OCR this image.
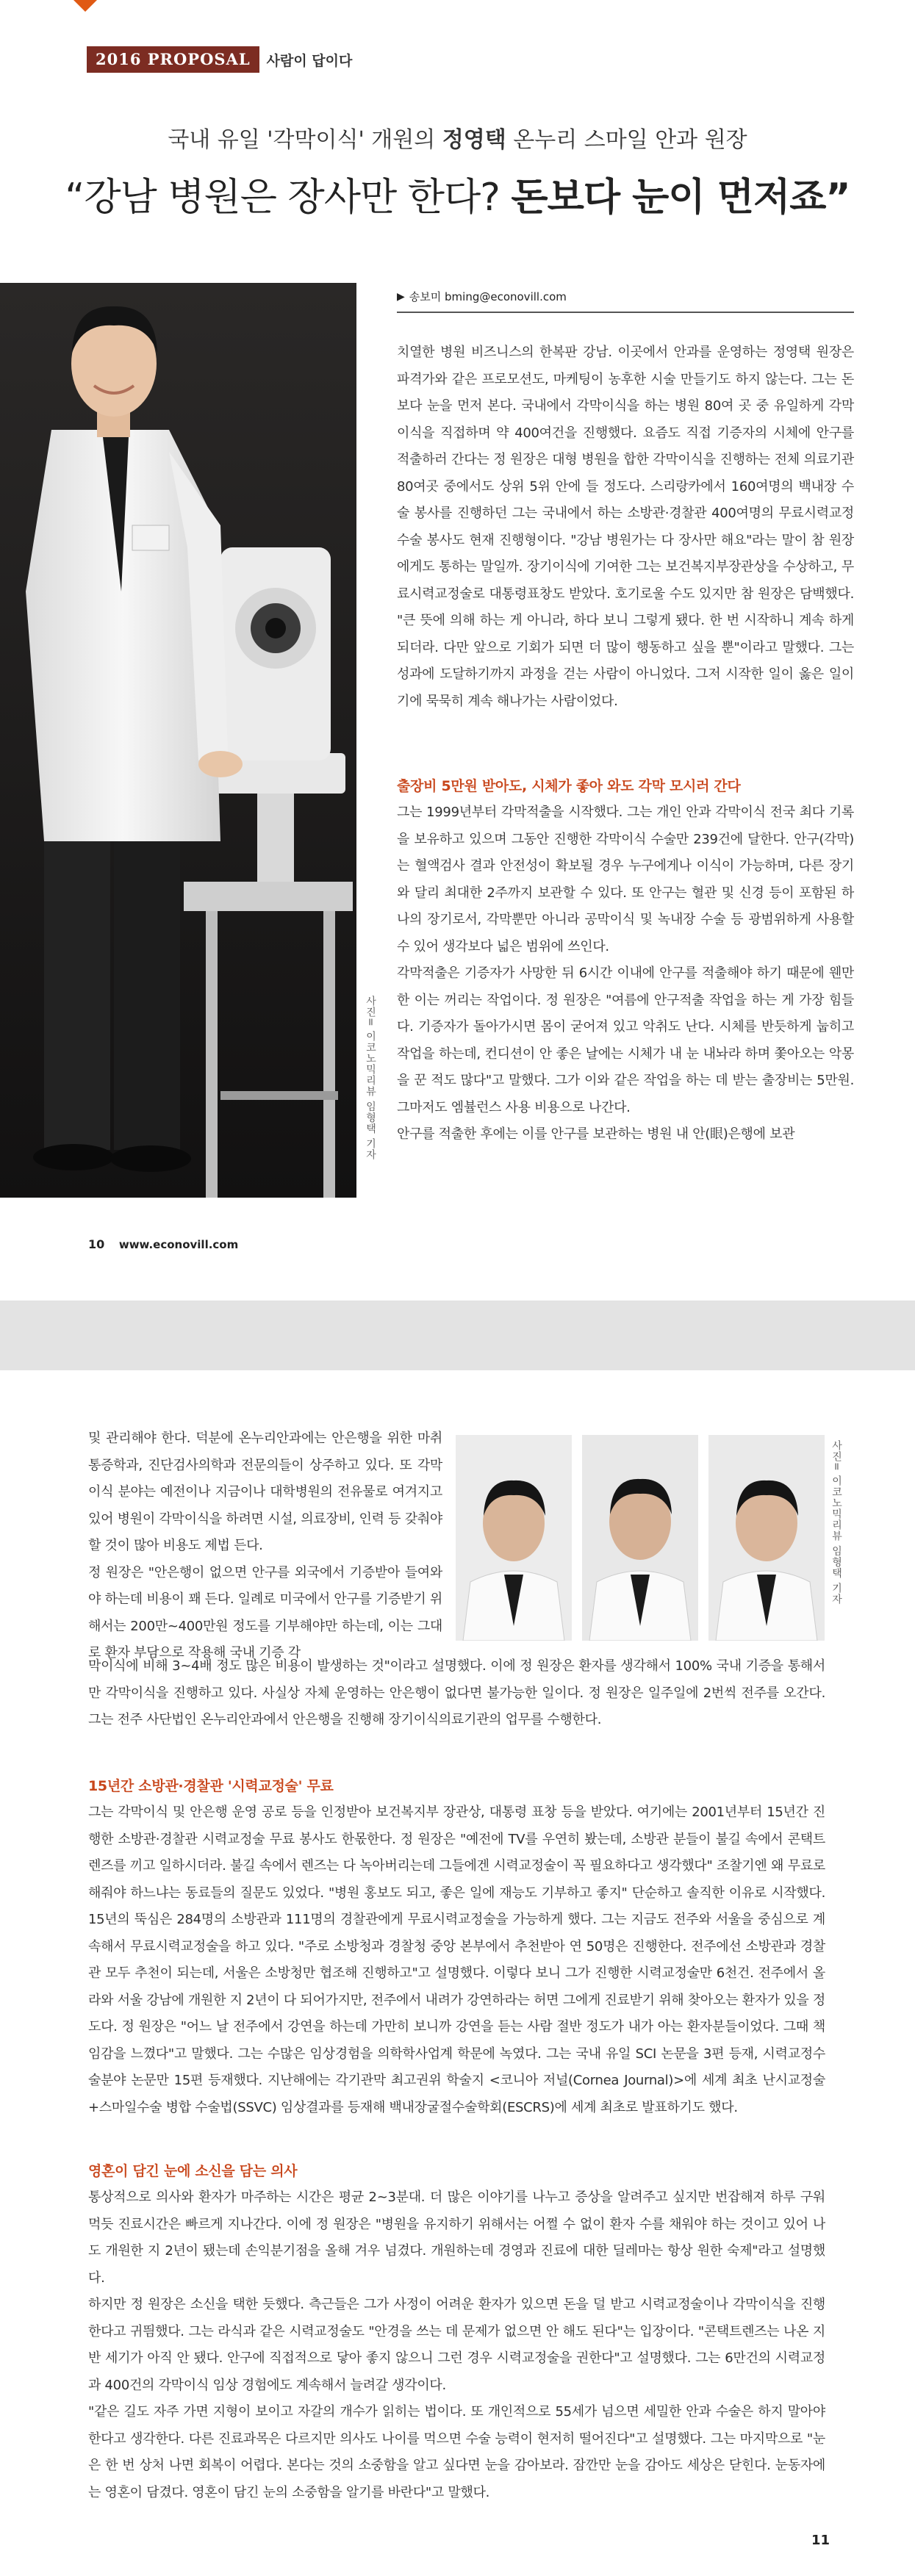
2016 PROPOSAL	사람이 답이다
국내 유일 '각막이식' 개원의 정영택 온누리 스마일 안과 원장
“강남 병원은 장사만 한다? 돈보다 눈이 먼저죠”
사진= 이코노믹리뷰 임형택 기자
▶ 송보미 bming@econovill.com

치열한 병원 비즈니스의 한복판 강남. 이곳에서 안과를 운영하는 정영택 원장은 파격가와 같은 프로모션도, 마케팅이 농후한 시술 만들기도 하지 않는다. 그는 돈보다 눈을 먼저 본다. 국내에서 각막이식을 하는 병원 80여 곳 중 유일하게 각막이식을 직접하며 약 400여건을 진행했다. 요즘도 직접 기증자의 시체에 안구를 적출하러 간다는 정 원장은 대형 병원을 합한 각막이식을 진행하는 전체 의료기관 80여곳 중에서도 상위 5위 안에 들 정도다. 스리랑카에서 160여명의 백내장 수술 봉사를 진행하던 그는 국내에서 하는 소방관·경찰관 400여명의 무료시력교정수술 봉사도 현재 진행형이다. "강남 병원가는 다 장사만 해요"라는 말이 참 원장에게도 통하는 말일까. 장기이식에 기여한 그는 보건복지부장관상을 수상하고, 무료시력교정술로 대통령표창도 받았다. 호기로울 수도 있지만 참 원장은 담백했다. "큰 뜻에 의해 하는 게 아니라, 하다 보니 그렇게 됐다. 한 번 시작하니 계속 하게 되더라. 다만 앞으로 기회가 되면 더 많이 행동하고 싶을 뿐"이라고 말했다. 그는 성과에 도달하기까지 과정을 걷는 사람이 아니었다. 그저 시작한 일이 옳은 일이기에 묵묵히 계속 해나가는 사람이었다.

출장비 5만원 받아도, 시체가 좋아 와도 각막 모시러 간다

그는 1999년부터 각막적출을 시작했다. 그는 개인 안과 각막이식 전국 최다 기록을 보유하고 있으며 그동안 진행한 각막이식 수술만 239건에 달한다. 안구(각막)는 혈액검사 결과 안전성이 확보될 경우 누구에게나 이식이 가능하며, 다른 장기와 달리 최대한 2주까지 보관할 수 있다. 또 안구는 혈관 및 신경 등이 포함된 하나의 장기로서, 각막뿐만 아니라 공막이식 및 녹내장 수술 등 광범위하게 사용할 수 있어 생각보다 넓은 범위에 쓰인다.

각막적출은 기증자가 사망한 뒤 6시간 이내에 안구를 적출해야 하기 때문에 웬만한 이는 꺼리는 작업이다. 정 원장은 "여름에 안구적출 작업을 하는 게 가장 힘들다. 기증자가 돌아가시면 몸이 굳어져 있고 악취도 난다. 시체를 반듯하게 눕히고 작업을 하는데, 컨디션이 안 좋은 날에는 시체가 내 눈 내놔라 하며 쫓아오는 악몽을 꾼 적도 많다"고 말했다. 그가 이와 같은 작업을 하는 데 받는 출장비는 5만원. 그마저도 엠뷸런스 사용 비용으로 나간다.

안구를 적출한 후에는 이를 안구를 보관하는 병원 내 안(眼)은행에 보관

10 www.econovill.com

및 관리해야 한다. 덕분에 온누리안과에는 안은행을 위한 마취통증학과, 진단검사의학과 전문의들이 상주하고 있다. 또 각막이식 분야는 예전이나 지금이나 대학병원의 전유물로 여겨지고 있어 병원이 각막이식을 하려면 시설, 의료장비, 인력 등 갖춰야 할 것이 많아 비용도 제법 든다.

정 원장은 "안은행이 없으면 안구를 외국에서 기증받아 들여와야 하는데 비용이 꽤 든다. 일례로 미국에서 안구를 기증받기 위해서는 200만~400만원 정도를 기부해야만 하는데, 이는 그대로 환자 부담으로 작용해 국내 기증 각

사진= 이코노믹리뷰 임형택 기자

막이식에 비해 3~4배 정도 많은 비용이 발생하는 것"이라고 설명했다. 이에 정 원장은 환자를 생각해서 100% 국내 기증을 통해서만 각막이식을 진행하고 있다. 사실상 자체 운영하는 안은행이 없다면 불가능한 일이다. 정 원장은 일주일에 2번씩 전주를 오간다. 그는 전주 사단법인 온누리안과에서 안은행을 진행해 장기이식의료기관의 업무를 수행한다.

15년간 소방관·경찰관 '시력교정술' 무료

그는 각막이식 및 안은행 운영 공로 등을 인정받아 보건복지부 장관상, 대통령 표창 등을 받았다. 여기에는 2001년부터 15년간 진행한 소방관·경찰관 시력교정술 무료 봉사도 한몫한다. 정 원장은 "예전에 TV를 우연히 봤는데, 소방관 분들이 불길 속에서 콘택트렌즈를 끼고 일하시더라. 불길 속에서 렌즈는 다 녹아버리는데 그들에겐 시력교정술이 꼭 필요하다고 생각했다" 조찰기엔 왜 무료로 해줘야 하느냐는 동료들의 질문도 있었다. "병원 홍보도 되고, 좋은 일에 재능도 기부하고 좋지" 단순하고 솔직한 이유로 시작했다. 15년의 뚝심은 284명의 소방관과 111명의 경찰관에게 무료시력교정술을 가능하게 했다. 그는 지금도 전주와 서울을 중심으로 계속해서 무료시력교정술을 하고 있다. "주로 소방청과 경찰청 중앙 본부에서 추천받아 연 50명은 진행한다. 전주에선 소방관과 경찰관 모두 추천이 되는데, 서울은 소방청만 협조해 진행하고"고 설명했다. 이렇다 보니 그가 진행한 시력교정술만 6천건. 전주에서 올라와 서울 강남에 개원한 지 2년이 다 되어가지만, 전주에서 내려가 강연하라는 허면 그에게 진료받기 위해 찾아오는 환자가 있을 정도다. 정 원장은 "어느 날 전주에서 강연을 하는데 가만히 보니까 강연을 듣는 사람 절반 정도가 내가 아는 환자분들이었다. 그때 책임감을 느꼈다"고 말했다. 그는 수많은 임상경험을 의학학사업계 학문에 녹였다. 그는 국내 유일 SCI 논문을 3편 등재, 시력교정수술분야 논문만 15편 등재했다. 지난해에는 각기관막 최고권위 학술지 <코니아 저널(Cornea Journal)>에 세계 최초 난시교정술+스마일수술 병합 수술법(SSVC) 임상결과를 등재해 백내장굴절수술학회(ESCRS)에 세계 최초로 발표하기도 했다.

영혼이 담긴 눈에 소신을 담는 의사

통상적으로 의사와 환자가 마주하는 시간은 평균 2~3분대. 더 많은 이야기를 나누고 증상을 알려주고 싶지만 번잡해져 하루 구워 먹듯 진료시간은 빠르게 지나간다. 이에 정 원장은 "병원을 유지하기 위해서는 어쩔 수 없이 환자 수를 채워야 하는 것이고 있어 나도 개원한 지 2년이 됐는데 손익분기점을 올해 겨우 넘겼다. 개원하는데 경영과 진료에 대한 딜레마는 항상 원한 숙제"라고 설명했다.

하지만 정 원장은 소신을 택한 듯했다. 측근들은 그가 사정이 어려운 환자가 있으면 돈을 덜 받고 시력교정술이나 각막이식을 진행한다고 귀띔했다. 그는 라식과 같은 시력교정술도 "안경을 쓰는 데 문제가 없으면 안 해도 된다"는 입장이다. "콘택트렌즈는 나온 지 반 세기가 아직 안 됐다. 안구에 직접적으로 닿아 좋지 않으니 그런 경우 시력교정술을 권한다"고 설명했다. 그는 6만건의 시력교정과 400건의 각막이식 임상 경험에도 계속해서 늘려갈 생각이다.

"같은 길도 자주 가면 지형이 보이고 자갈의 개수가 읽히는 법이다. 또 개인적으로 55세가 넘으면 세밀한 안과 수술은 하지 말아야 한다고 생각한다. 다른 진료과목은 다르지만 의사도 나이를 먹으면 수술 능력이 현저히 떨어진다"고 설명했다. 그는 마지막으로 "눈은 한 번 상처 나면 회복이 어렵다. 본다는 것의 소중함을 알고 싶다면 눈을 감아보라. 잠깐만 눈을 감아도 세상은 닫힌다. 눈동자에는 영혼이 담겼다. 영혼이 담긴 눈의 소중함을 알기를 바란다"고 말했다.

11
